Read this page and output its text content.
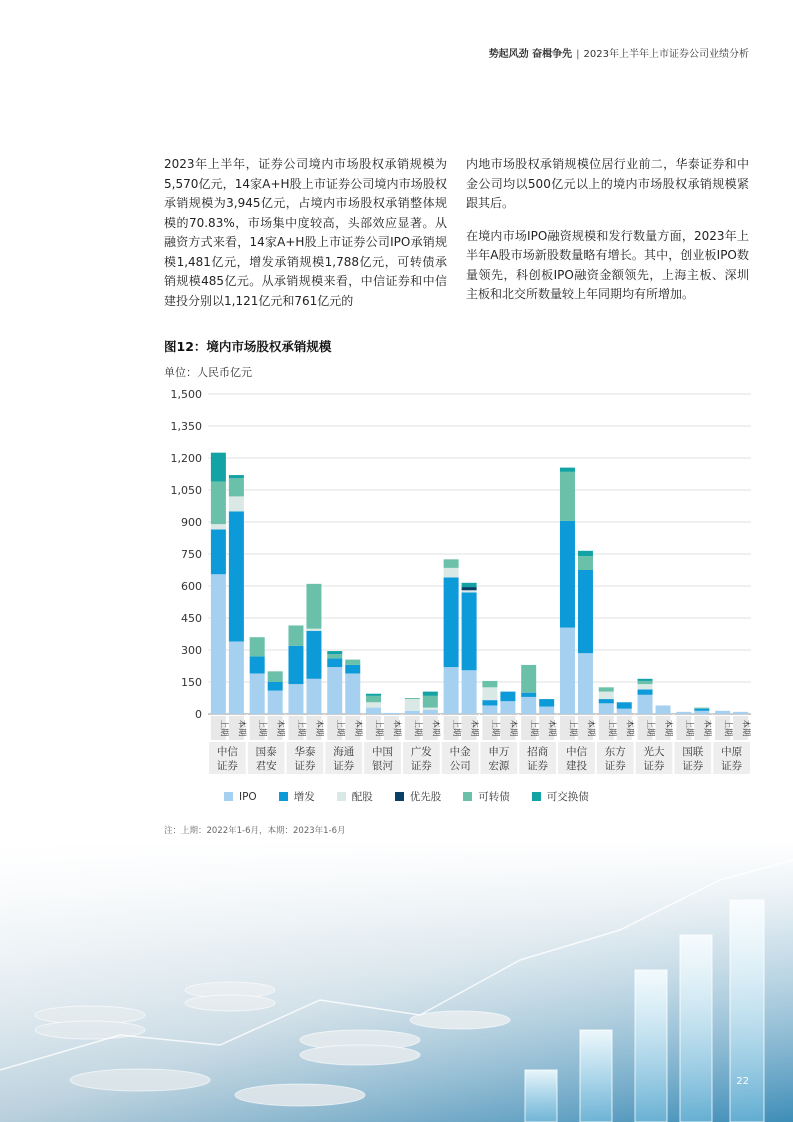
势起风劲 奋楫争先 | 2023年上半年上市证券公司业绩分析

2023年上半年，证券公司境内市场股权承销规模为5,570亿元，14家A+H股上市证券公司境内市场股权承销规模为3,945亿元，占境内市场股权承销整体规模的70.83%，市场集中度较高，头部效应显著。从融资方式来看，14家A+H股上市证券公司IPO承销规模1,481亿元，增发承销规模1,788亿元，可转债承销规模485亿元。从承销规模来看，中信证券和中信建投分别以1,121亿元和761亿元的

内地市场股权承销规模位居行业前二，华泰证券和中金公司均以500亿元以上的境内市场股权承销规模紧跟其后。

在境内市场IPO融资规模和发行数量方面，2023年上半年A股市场新股数量略有增长。其中，创业板IPO数量领先，科创板IPO融资金额领先，上海主板、深圳主板和北交所数量较上年同期均有所增加。

图12：境内市场股权承销规模
单位：人民币亿元
0
150
300
450
600
750
900
1,050
1,200
1,350
1,500
上期 本期
中信
证券
上期 本期
国泰
君安
上期 本期
华泰
证券
上期 本期
海通
证券
上期 本期
中国
银河
上期 本期
广发
证券
上期 本期
中金
公司
上期 本期
申万
宏源
上期 本期
招商
证券
上期 本期
中信
建投
上期 本期
东方
证券
上期 本期
光大
证券
上期 本期
国联
证券
上期 本期
中原
证券
IPO	增发	配股	优先股	可转债	可交换债
注：上期：2022年1-6月，本期：2023年1-6月
22
